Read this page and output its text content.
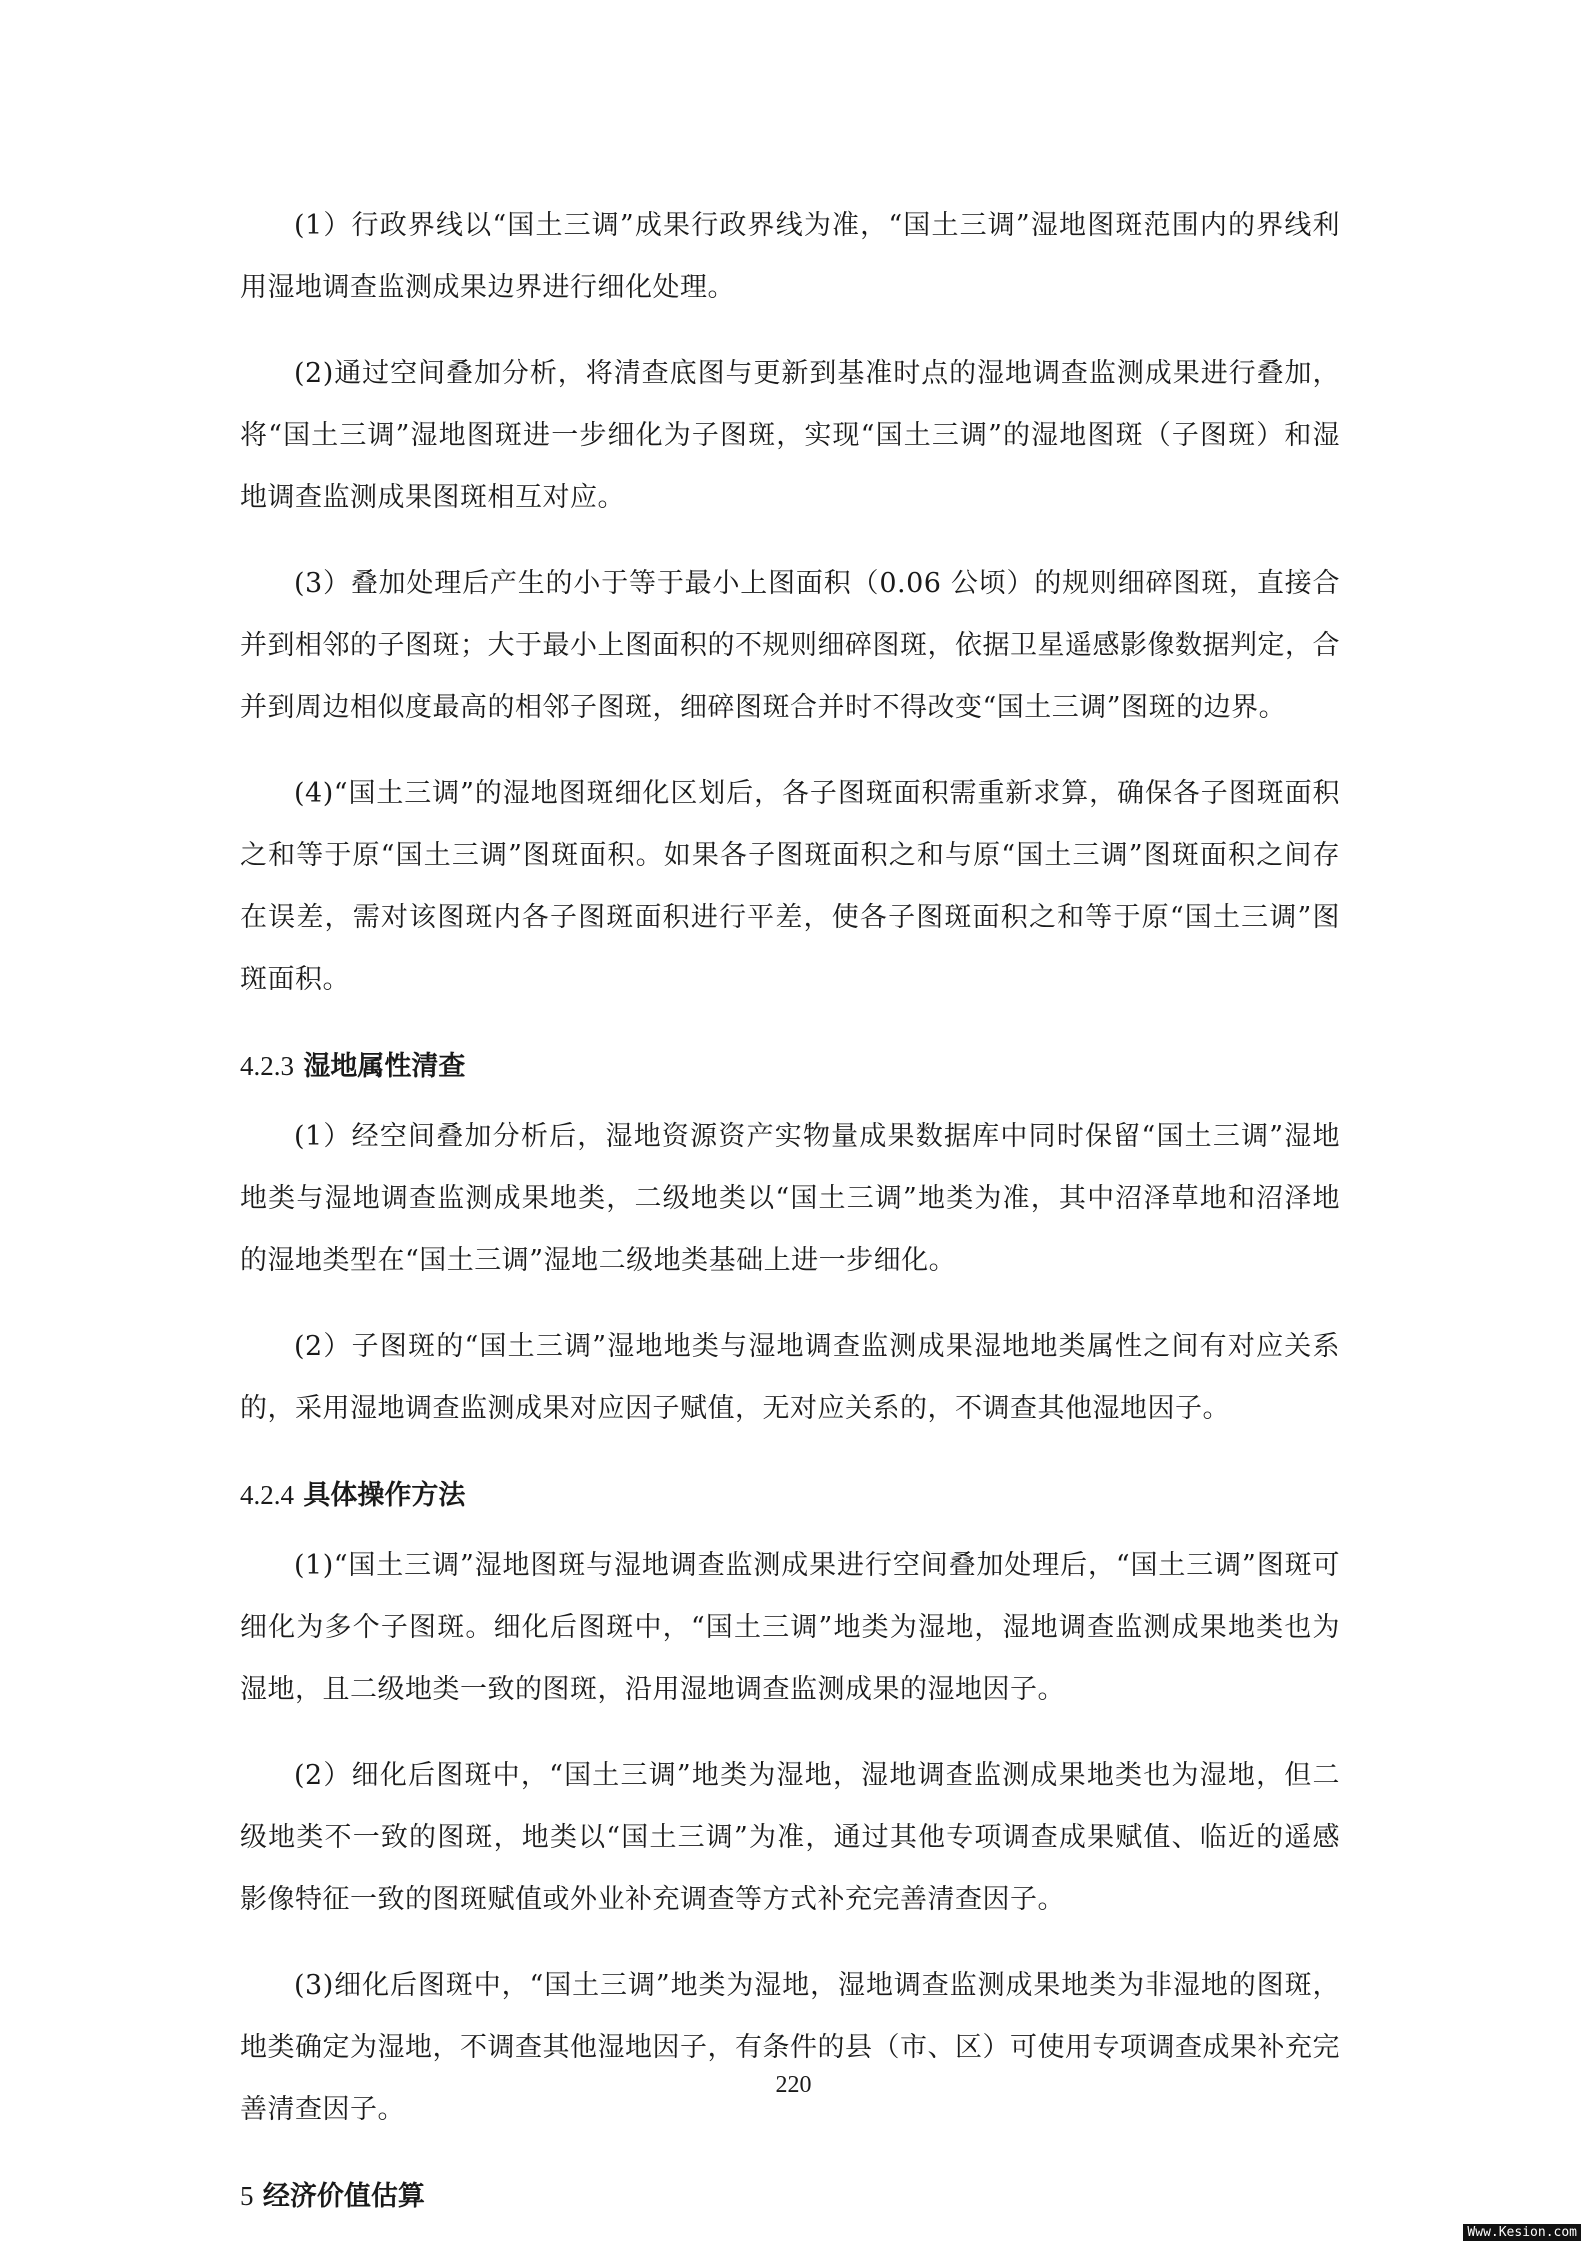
(1）行政界线以“国土三调”成果行政界线为准，“国土三调”湿地图斑范围内的界线利用湿地调查监测成果边界进行细化处理。

(2)通过空间叠加分析，将清查底图与更新到基准时点的湿地调查监测成果进行叠加，将“国土三调”湿地图斑进一步细化为子图斑，实现“国土三调”的湿地图斑（子图斑）和湿地调查监测成果图斑相互对应。

(3）叠加处理后产生的小于等于最小上图面积（0.06 公顷）的规则细碎图斑，直接合并到相邻的子图斑；大于最小上图面积的不规则细碎图斑，依据卫星遥感影像数据判定，合并到周边相似度最高的相邻子图斑，细碎图斑合并时不得改变“国土三调”图斑的边界。

(4)“国土三调”的湿地图斑细化区划后，各子图斑面积需重新求算，确保各子图斑面积之和等于原“国土三调”图斑面积。如果各子图斑面积之和与原“国土三调”图斑面积之间存在误差，需对该图斑内各子图斑面积进行平差，使各子图斑面积之和等于原“国土三调”图斑面积。

4.2.3 湿地属性清查

(1）经空间叠加分析后，湿地资源资产实物量成果数据库中同时保留“国土三调”湿地地类与湿地调查监测成果地类，二级地类以“国土三调”地类为准，其中沼泽草地和沼泽地的湿地类型在“国土三调”湿地二级地类基础上进一步细化。

(2）子图斑的“国土三调”湿地地类与湿地调查监测成果湿地地类属性之间有对应关系的，采用湿地调查监测成果对应因子赋值，无对应关系的，不调查其他湿地因子。

4.2.4 具体操作方法

(1)“国土三调”湿地图斑与湿地调查监测成果进行空间叠加处理后，“国土三调”图斑可细化为多个子图斑。细化后图斑中，“国土三调”地类为湿地，湿地调查监测成果地类也为湿地，且二级地类一致的图斑，沿用湿地调查监测成果的湿地因子。

(2）细化后图斑中，“国土三调”地类为湿地，湿地调查监测成果地类也为湿地，但二级地类不一致的图斑，地类以“国土三调”为准，通过其他专项调查成果赋值、临近的遥感影像特征一致的图斑赋值或外业补充调查等方式补充完善清查因子。

(3)细化后图斑中，“国土三调”地类为湿地，湿地调查监测成果地类为非湿地的图斑，地类确定为湿地，不调查其他湿地因子，有条件的县（市、区）可使用专项调查成果补充完善清查因子。

5 经济价值估算
220
Www.Kesion.com
